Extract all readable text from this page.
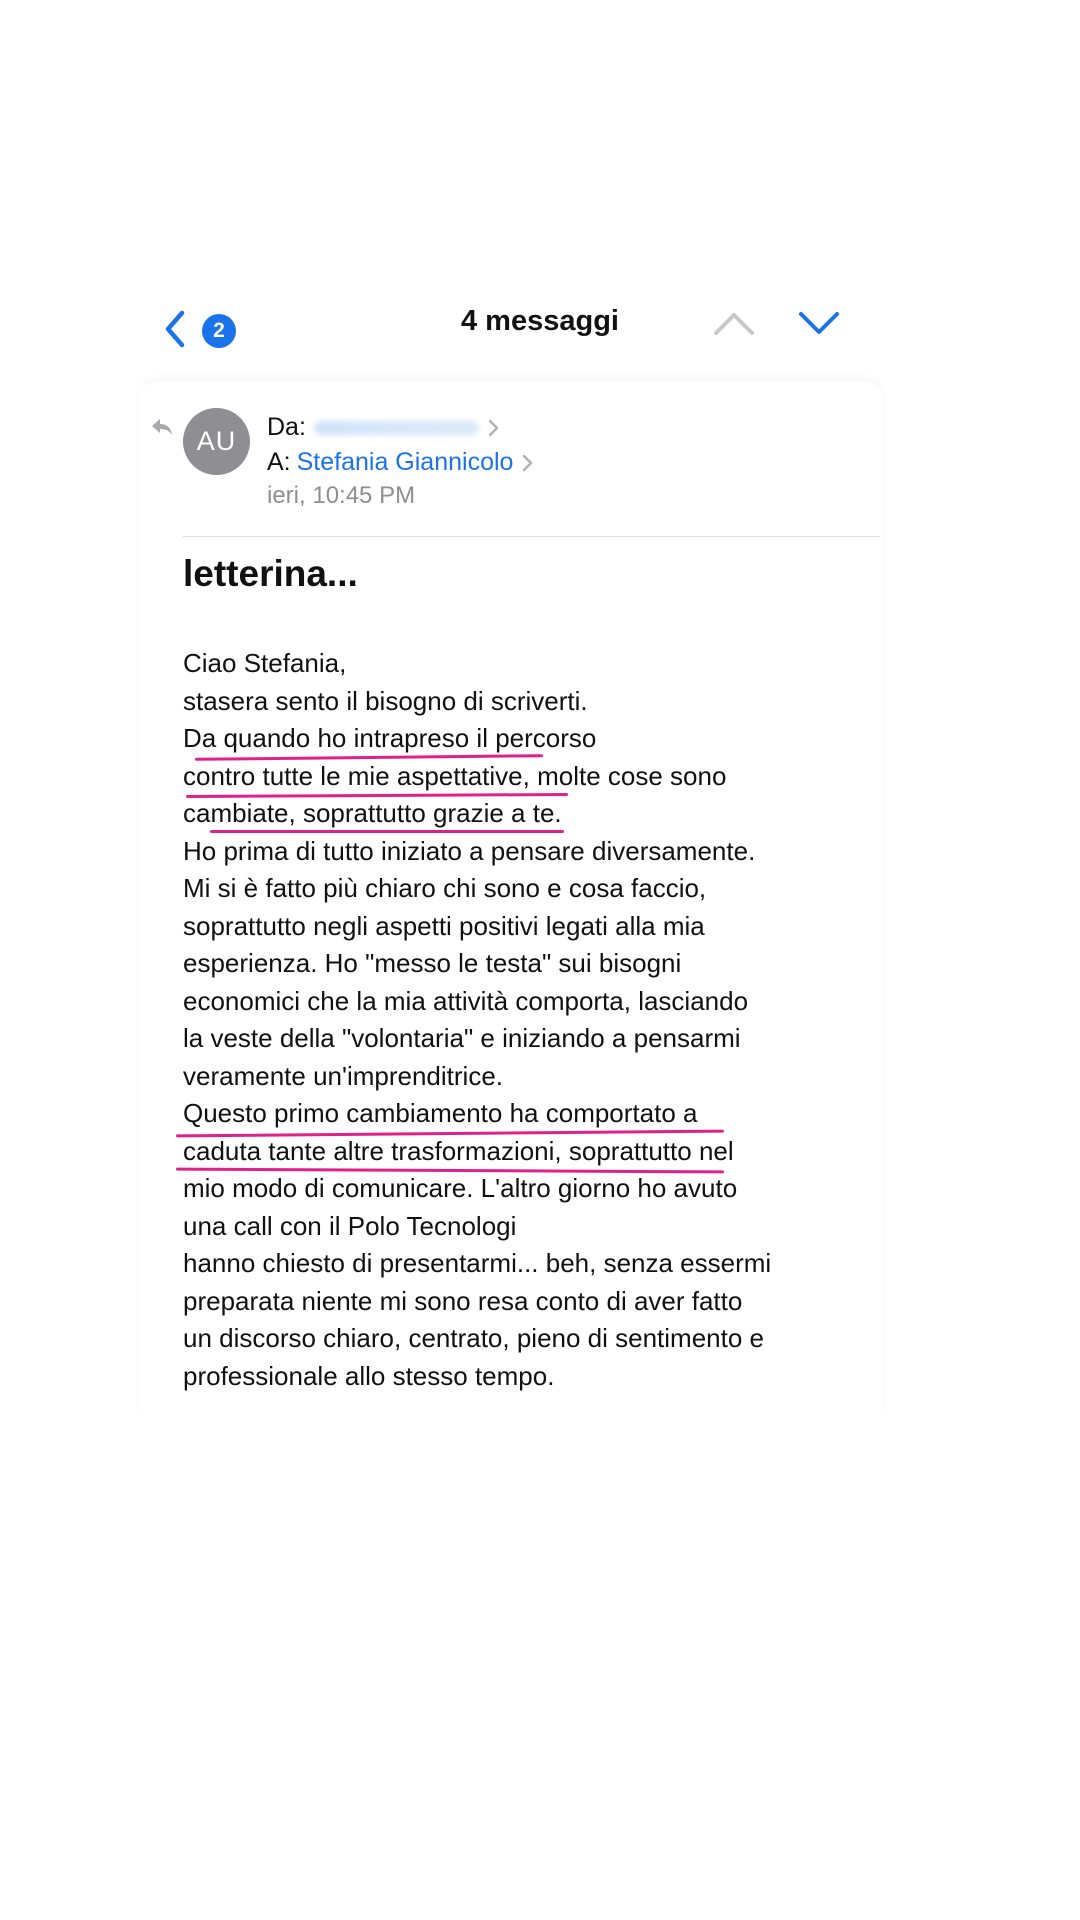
2	4 messaggi
AU	Da:
A: Stefania Giannicolo
ieri, 10:45 PM
letterina...
Ciao Stefania,
stasera sento il bisogno di scriverti.
Da quando ho intrapreso il percorso
contro tutte le mie aspettative, molte cose sono
cambiate, soprattutto grazie a te.
Ho prima di tutto iniziato a pensare diversamente.
Mi si è fatto più chiaro chi sono e cosa faccio,
soprattutto negli aspetti positivi legati alla mia
esperienza. Ho "messo le testa" sui bisogni
economici che la mia attività comporta, lasciando
la veste della "volontaria" e iniziando a pensarmi
veramente un'imprenditrice.
Questo primo cambiamento ha comportato a
caduta tante altre trasformazioni, soprattutto nel
mio modo di comunicare. L'altro giorno ho avuto
una call con il Polo Tecnologi
hanno chiesto di presentarmi... beh, senza essermi
preparata niente mi sono resa conto di aver fatto
un discorso chiaro, centrato, pieno di sentimento e
professionale allo stesso tempo.
